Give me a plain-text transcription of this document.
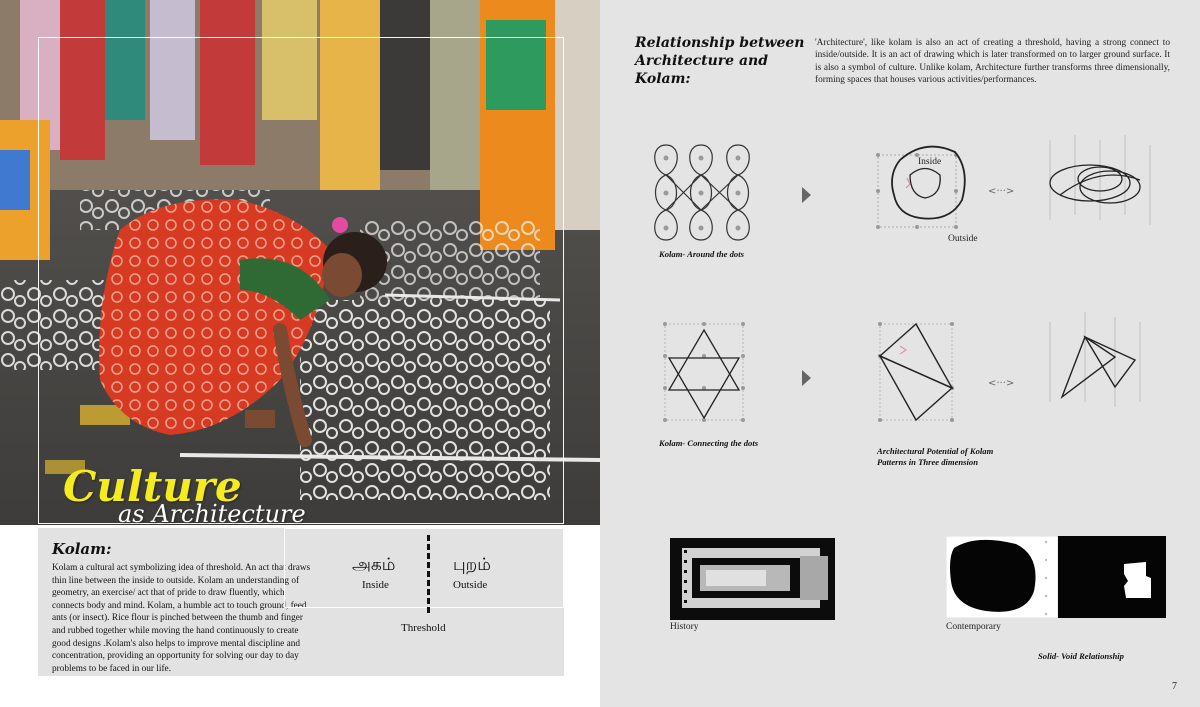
Culture
as Architecture
Kolam:
Kolam a cultural act symbolizing idea of threshold. An act that draws thin line between the inside to outside. Kolam an understanding of geometry, an exercise/ act that of pride to draw fluently, which connects body and mind. Kolam, a humble act to touch ground, feed ants (or insect). Rice flour is pinched between the thumb and finger and rubbed together while moving the hand continuously to create good designs .Kolam's also helps to improve mental discipline and concentration, providing an opportunity for solving our day to day problems to be faced in our life.
அகம்
Inside
புறம்
Outside
Threshold
Relationship between Architecture and Kolam:
'Architecture', like kolam is also an act of creating a threshold, having a strong connect to inside/outside. It is an act of drawing which is later transformed on to larger ground surface. It is also a symbol of culture. Unlike kolam, Architecture further transforms three dimensionally, forming spaces that houses various activities/performances.
Inside
Outside
<···>
Kolam- Around the dots
<···>
Kolam- Connecting the dots
Architectural Potential of Kolam Patterns in Three dimension
History	Contemporary
Solid- Void Relationship
7
